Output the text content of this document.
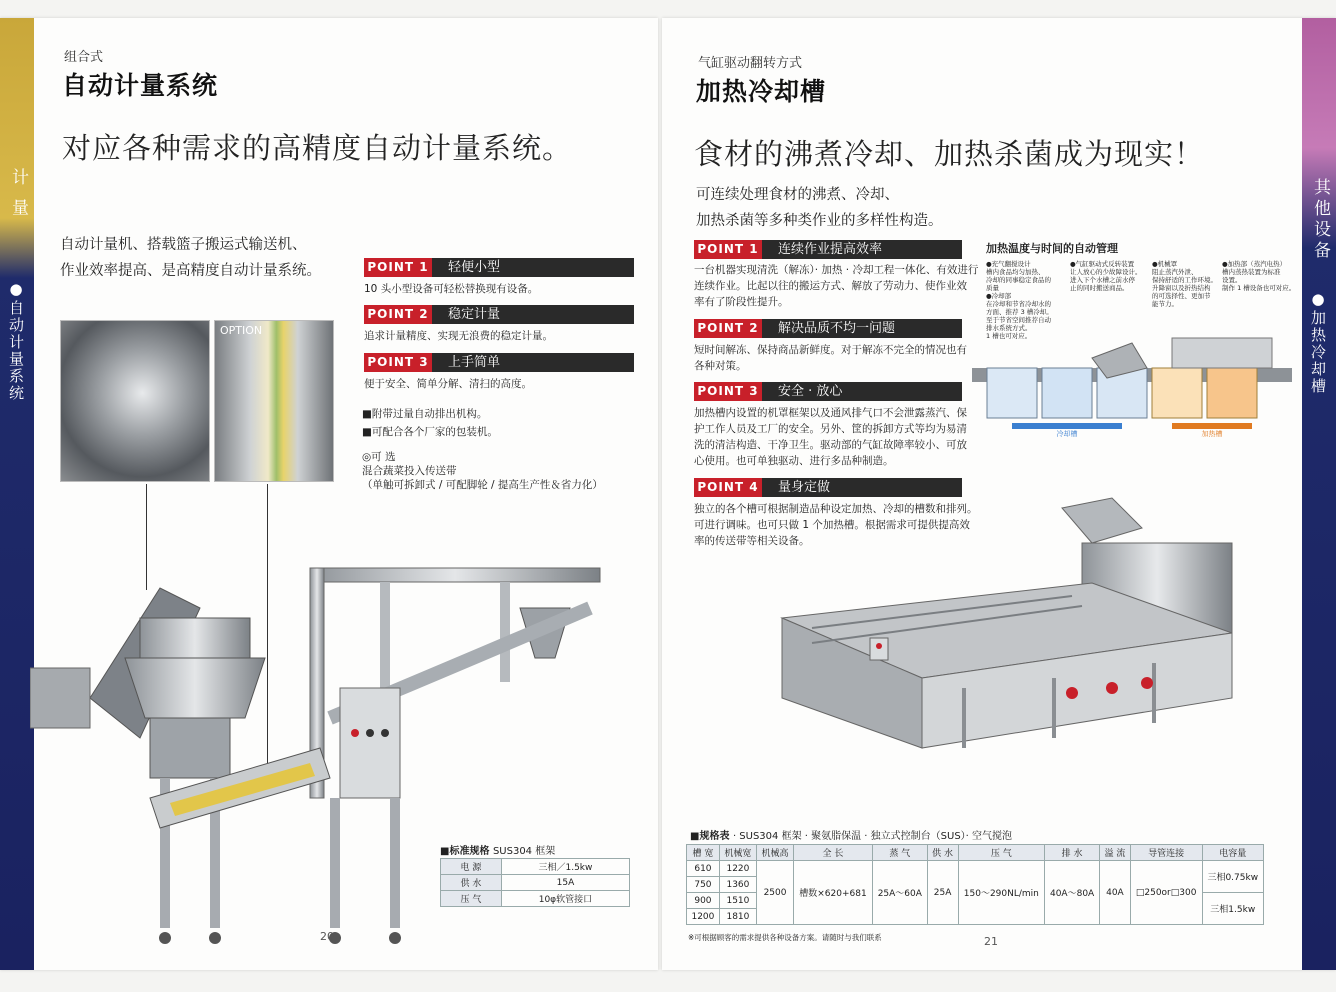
计 量
●自动计量系统
组合式
自动计量系统
对应各种需求的高精度自动计量系统。
自动计量机、搭载篮子搬运式输送机、
作业效率提高、是高精度自动计量系统。
OPTION
POINT 1 轻便小型
10 头小型设备可轻松替换现有设备。
POINT 2 稳定计量
追求计量精度、实现无浪费的稳定计量。
POINT 3 上手简单
便于安全、简单分解、清扫的高度。
■附带过量自动排出机构。
■可配合各个厂家的包装机。
◎可 选
混合蔬菜投入传送带
（单触可拆卸式 / 可配脚轮 / 提高生产性＆省力化）
■标准规格 SUS304 框架
电 源	三相／1.5kw
供 水	15A
压 气	10φ软管接口
20
其他设备
●加热冷却槽
气缸驱动翻转方式
加热冷却槽
食材的沸煮冷却、加热杀菌成为现实！
可连续处理食材的沸煮、冷却、
加热杀菌等多种类作业的多样性构造。
POINT 1 连续作业提高效率
一台机器实现清洗（解冻）· 加热 · 冷却工程一体化、有效进行
连续作业。比起以往的搬运方式、解放了劳动力、使作业效
率有了阶段性提升。
POINT 2 解决品质不均一问题
短时间解冻、保持商品新鲜度。对于解冻不完全的情况也有
各种对策。
POINT 3 安全 · 放心
加热槽内设置的机罩框架以及通风排气口不会泄露蒸汽、保
护工作人员及工厂的安全。另外、筐的拆卸方式等均为易清
洗的清洁构造、干净卫生。驱动部的气缸故障率较小、可放
心使用。也可单独驱动、进行多品种制造。
POINT 4 量身定做
独立的各个槽可根据制造品种设定加热、冷却的槽数和排列。
可进行调味。也可只做 1 个加热槽。根据需求可提供提高效
率的传送带等相关设备。
加热温度与时间的自动管理
●充气翻搅设计
槽内食品均匀加热、
冷却的同事稳定食品的
质量
●冷却部
在冷却和节省冷却水的
方面、推荐 3 槽冷却。
至于节省空间推荐自动
排水系统方式。
1 槽也可对应。
●气缸驱动式反转装置
让人放心的少故障设计。
进入下个水槽之前水停
止的同时搬送商品。
●机械罩
阻止蒸汽外泄、
保持舒适的工作环境。
升降窗以及折热结构
的可选择性、更加节
能节力。
●加热部（蒸汽电热）
槽内蒸热装置为标准
设置。
制作 1 槽设备也可对应。
冷却槽	加热槽
■规格表 · SUS304 框架 · 聚氨脂保温 · 独立式控制台（SUS）· 空气搅泡
槽 宽	机械宽	机械高	全 长	蒸 气	供 水	压 气	排 水	溢 流	导管连接	电容量
610	1220	2500	槽数×620+681	25A〜60A	25A	150〜290NL/min	40A〜80A	40A	□250or□300	三相0.75kw
750	1360									
900	1510									三相1.5kw
1200	1810									
※可根据顾客的需求提供各种设备方案。请随时与我们联系	21
